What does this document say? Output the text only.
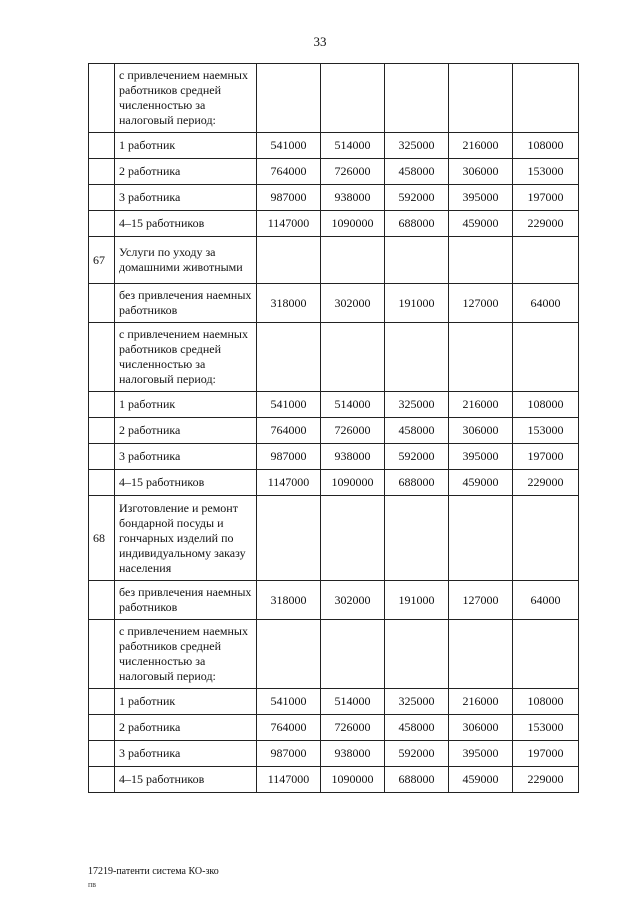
33
	с привлечением наемных работников средней численностью за налоговый период:					
	1 работник	541000	514000	325000	216000	108000
	2 работника	764000	726000	458000	306000	153000
	3 работника	987000	938000	592000	395000	197000
	4–15 работников	1147000	1090000	688000	459000	229000
67	Услуги по уходу за домашними животными					
	без привлечения наемных работников	318000	302000	191000	127000	64000
	с привлечением наемных работников средней численностью за налоговый период:					
	1 работник	541000	514000	325000	216000	108000
	2 работника	764000	726000	458000	306000	153000
	3 работника	987000	938000	592000	395000	197000
	4–15 работников	1147000	1090000	688000	459000	229000
68	Изготовление и ремонт бондарной посуды и гончарных изделий по индивидуальному заказу населения					
	без привлечения наемных работников	318000	302000	191000	127000	64000
	с привлечением наемных работников средней численностью за налоговый период:					
	1 работник	541000	514000	325000	216000	108000
	2 работника	764000	726000	458000	306000	153000
	3 работника	987000	938000	592000	395000	197000
	4–15 работников	1147000	1090000	688000	459000	229000
17219-патенти система КО-зко
пв
